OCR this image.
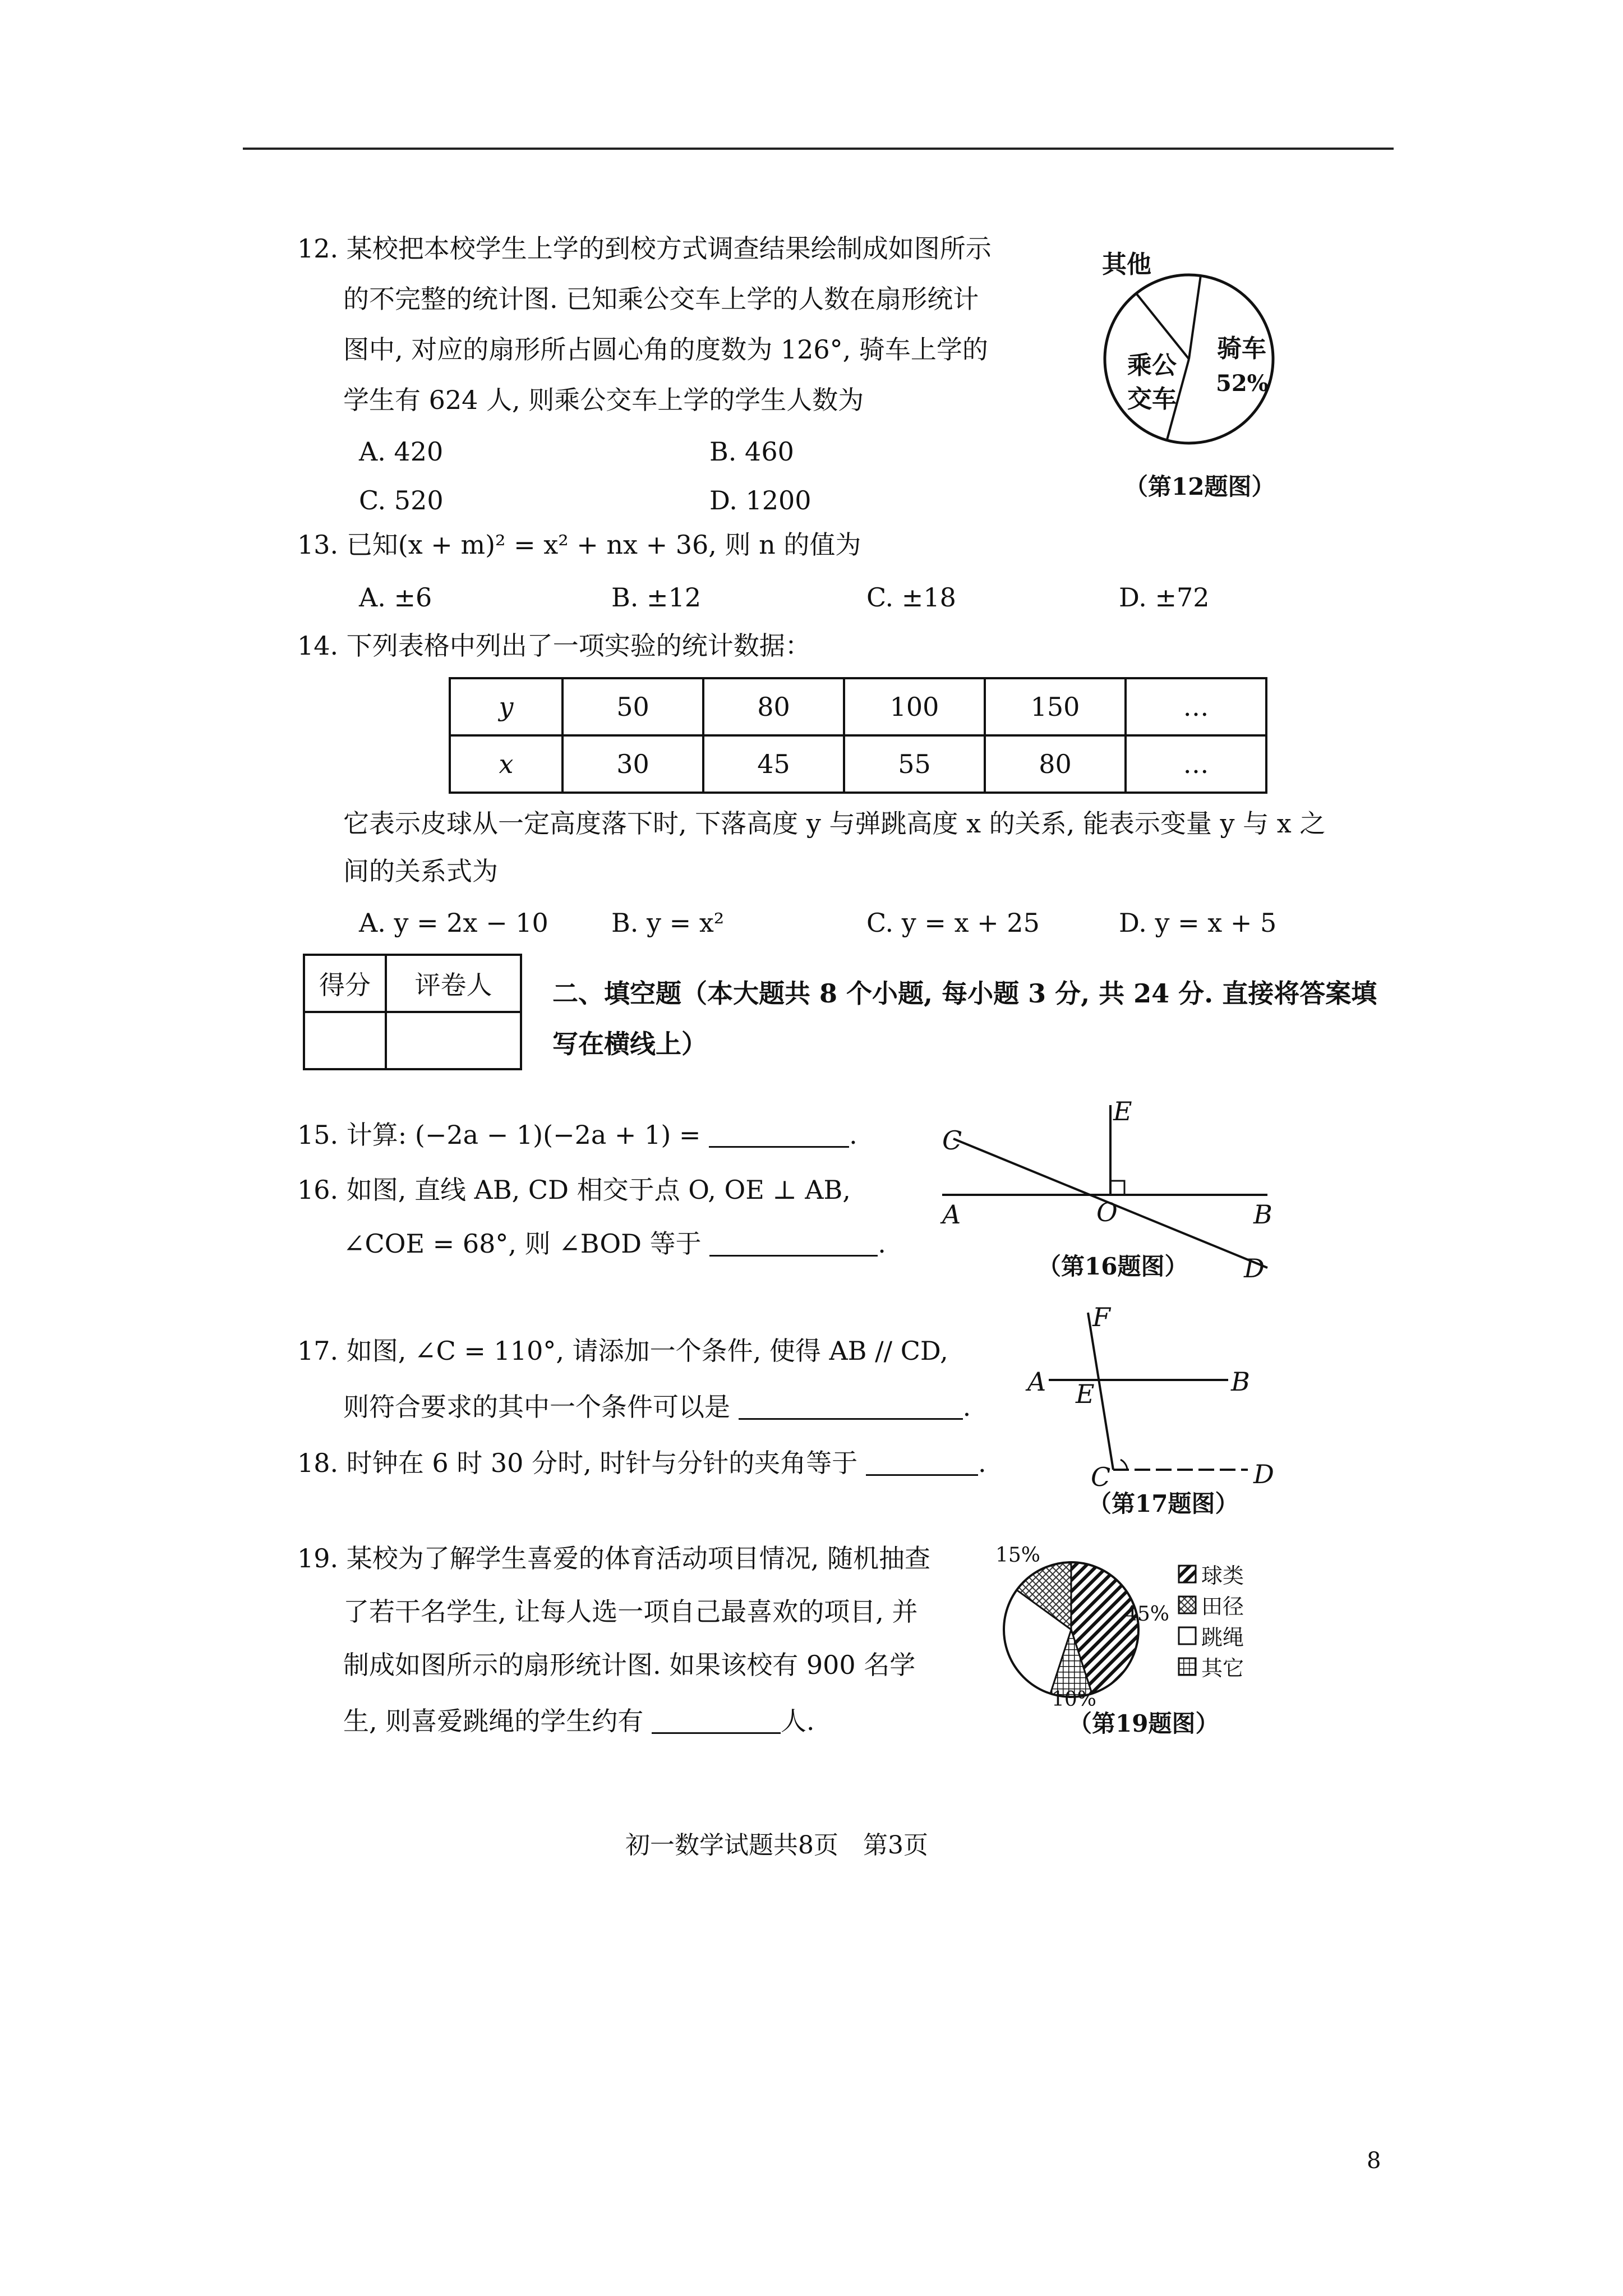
12. 某校把本校学生上学的到校方式调查结果绘制成如图所示
的不完整的统计图. 已知乘公交车上学的人数在扇形统计
图中, 对应的扇形所占圆心角的度数为 126°, 骑车上学的
学生有 624 人, 则乘公交车上学的学生人数为
A. 420	B. 460
C. 520	D. 1200
其他
乘公
交车
骑车
52%
（第12题图）
13. 已知(x + m)² = x² + nx + 36, 则 n 的值为
A. ±6	B. ±12	C. ±18	D. ±72
14. 下列表格中列出了一项实验的统计数据：
y	50	80	100	150	…
x	30	45	55	80	…
它表示皮球从一定高度落下时, 下落高度 y 与弹跳高度 x 的关系, 能表示变量 y 与 x 之
间的关系式为
A. y = 2x − 10 B. y = x²	C. y = x + 25	D. y = x + 5
得分	评卷人
	二、填空题（本大题共 8 个小题, 每小题 3 分, 共 24 分. 直接将答案填
写在横线上）
15. 计算: (−2a − 1)(−2a + 1) =	.
16. 如图, 直线 AB, CD 相交于点 O, OE ⊥ AB,
∠COE = 68°, 则 ∠BOD 等于	.
C
E
A	O	B
D
（第16题图）
17. 如图, ∠C = 110°, 请添加一个条件, 使得 AB // CD,
则符合要求的其中一个条件可以是	.
18. 时钟在 6 时 30 分时, 时针与分针的夹角等于	.
F
A E	B
C	D
（第17题图）
19. 某校为了解学生喜爱的体育活动项目情况, 随机抽查
了若干名学生, 让每人选一项自己最喜欢的项目, 并
制成如图所示的扇形统计图. 如果该校有 900 名学
生, 则喜爱跳绳的学生约有	人.
15%
45%
10%
球类
田径
跳绳
其它
（第19题图）
初一数学试题共8页　第3页
8
